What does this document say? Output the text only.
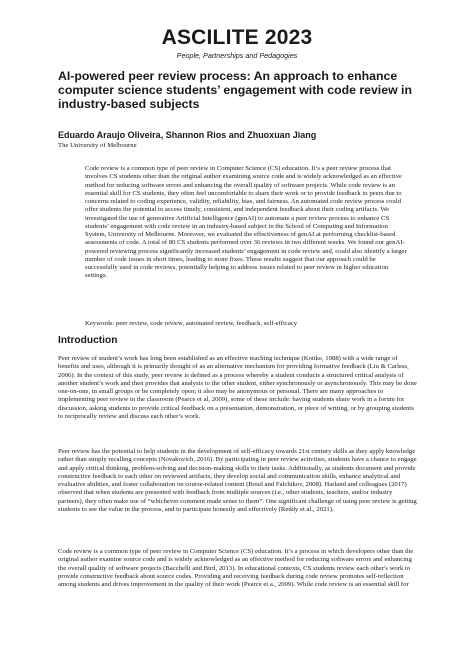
ASCILITE 2023
People, Partnerships and Pedagogies
AI-powered peer review process: An approach to enhance computer science students’ engagement with code review in industry-based subjects
Eduardo Araujo Oliveira, Shannon Rios and Zhuoxuan Jiang
The University of Melbourne

Code review is a common type of peer review in Computer Science (CS) education. It’s a peer review process that involves CS students other than the original author examining source code and is widely acknowledged as an effective method for reducing software errors and enhancing the overall quality of software projects. While code review is an essential skill for CS students, they often feel uncomfortable to share their work or to provide feedback to peers due to concerns related to coding experience, validity, reliability, bias, and fairness. An automated code review process could offer students the potential to access timely, consistent, and independent feedback about their coding artifacts. We investigated the use of generative Artificial Intelligence (genAI) to automate a peer review process to enhance CS students’ engagement with code review in an industry-based subject in the School of Computing and Information System, University of Melbourne. Moreover, we evaluated the effectiveness of genAI at performing checklist-based assessments of code. A total of 80 CS students performed over 36 reviews in two different weeks. We found our genAI-powered reviewing process significantly increased students’ engagement in code review and, could also identify a larger number of code issues in short times, leading to more fixes. These results suggest that our approach could be successfully used in code reviews, potentially helping to address issues related to peer review in higher education settings.

Keywords: peer review, code review, automated review, feedback, self-efficacy

Introduction

Peer review of student’s work has long been established as an effective teaching technique (Kottke, 1988) with a wide range of benefits and uses, although it is primarily thought of as an alternative mechanism for providing formative feedback (Liu & Carless, 2006). In the context of this study, peer review is defined as a process whereby a student conducts a structured critical analysis of another student’s work and then provides that analysis to the other student, either synchronously or asynchronously. This may be done one-on-one, in small groups or be completely open; it also may be anonymous or personal. There are many approaches to implementing peer review in the classroom (Pearce et al, 2009), some of these include: having students share work in a forum for discussion, asking students to provide critical feedback on a presentation, demonstration, or piece of writing, or by grouping students to reciprocally review and discuss each other’s work.

Peer review has the potential to help students in the development of self-efficacy towards 21st century skills as they apply knowledge rather than simply recalling concepts (Novakovich, 2016). By participating in peer review activities, students have a chance to engage and apply critical thinking, problem-solving and decision-making skills to their tasks. Additionally, as students document and provide constructive feedback to each other on reviewed artifacts, they develop social and communication skills, enhance analytical and evaluative abilities, and foster collaboration on course-related content (Boud and Falchikov, 2008). Harland and colleagues (2017) observed that when students are presented with feedback from multiple sources (i.e., other students, teachers, and/or industry partners), they often make use of “whichever comment made sense to them”. One significant challenge of using peer review is getting students to see the value in the process, and to participate honestly and effectively (Reddy et al., 2021).

Code review is a common type of peer review in Computer Science (CS) education. It’s a process in which developers other than the original author examine source code and is widely acknowledged as an effective method for reducing software errors and enhancing the overall quality of software projects (Bacchelli and Bird, 2013). In educational contexts, CS students review each other's work to provide constructive feedback about source codes. Providing and receiving feedback during code review promotes self-reflection among students and drives improvement in the quality of their work (Pearce et a., 2009). While code review is an essential skill for
